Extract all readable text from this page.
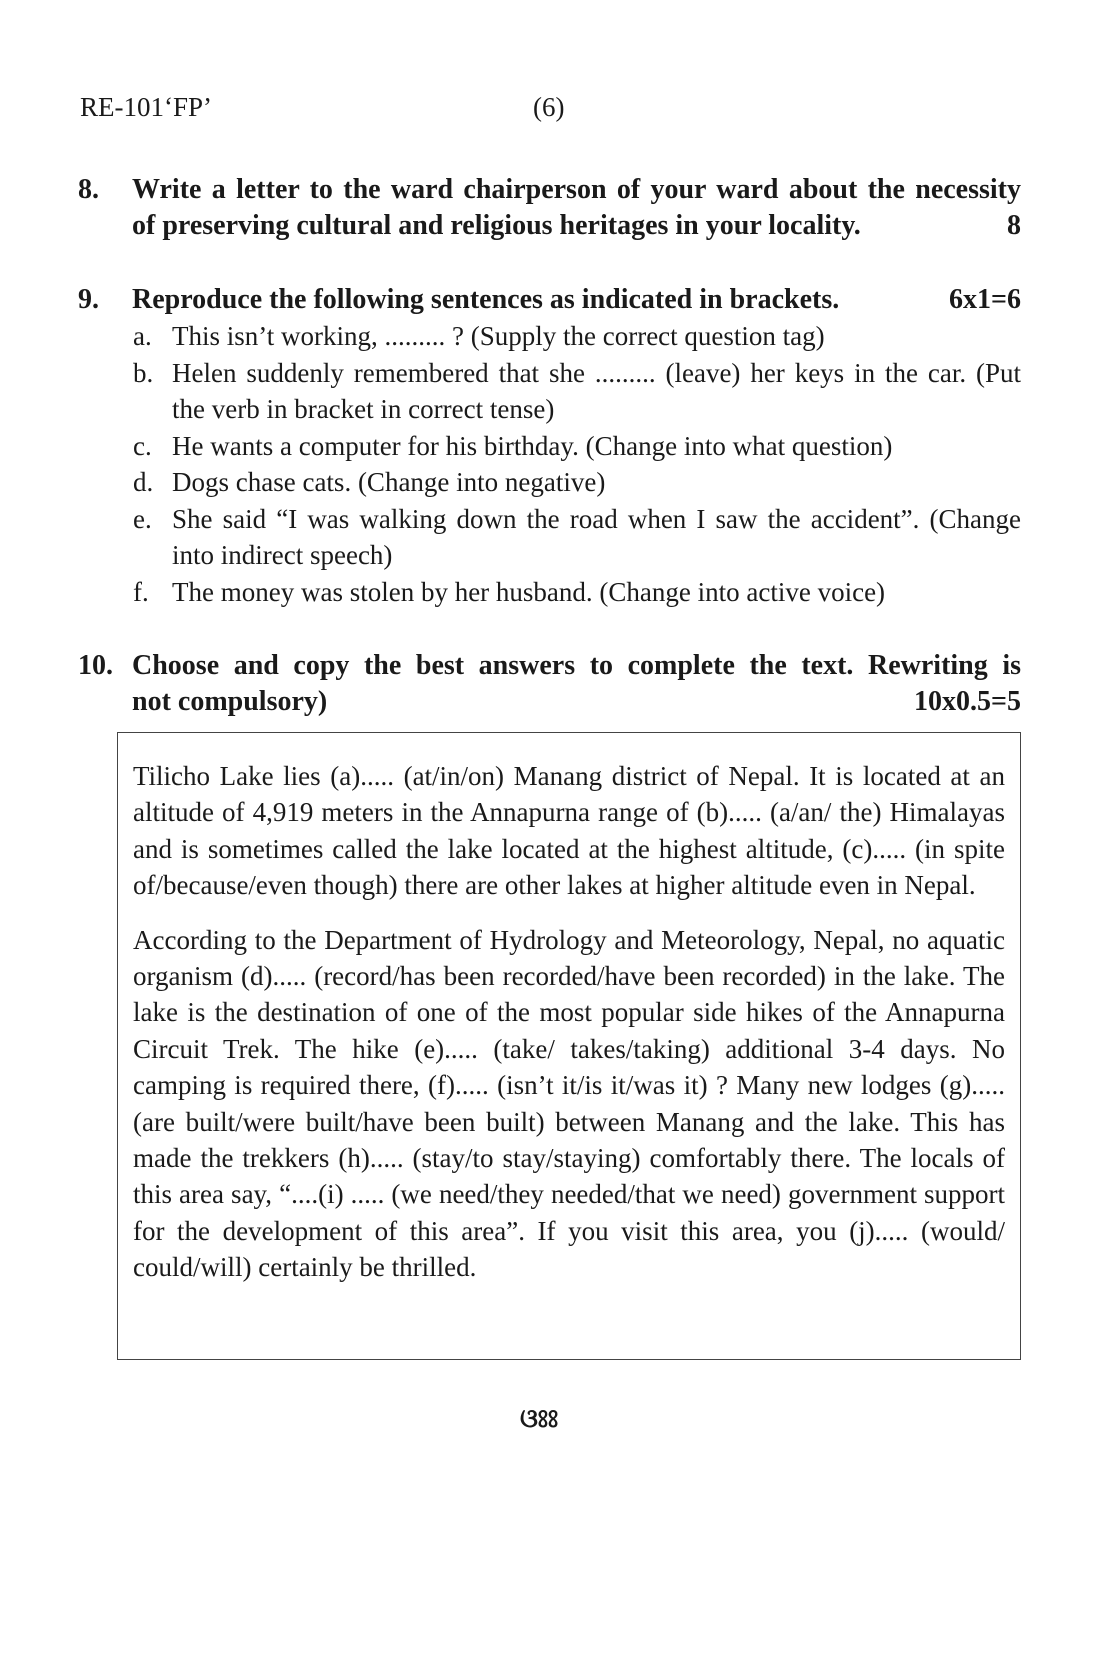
RE-101‘FP’	(6)
8. Write a letter to the ward chairperson of your ward about the necessity
of preserving cultural and religious heritages in your locality.	8
9. Reproduce the following sentences as indicated in brackets.	6x1=6
a. This isn’t working, ......... ? (Supply the correct question tag)
b. Helen suddenly remembered that she ......... (leave) her keys in the car. (Put the verb in bracket in correct tense)
c. He wants a computer for his birthday. (Change into what question)
d. Dogs chase cats. (Change into negative)
e. She said “I was walking down the road when I saw the accident”. (Change into indirect speech)
f. The money was stolen by her husband. (Change into active voice)
10. Choose and copy the best answers to complete the text. Rewriting is
not compulsory)	10x0.5=5

Tilicho Lake lies (a)..... (at/in/on) Manang district of Nepal. It is located at an altitude of 4,919 meters in the Annapurna range of (b)..... (a/an/ the) Himalayas and is sometimes called the lake located at the highest altitude, (c)..... (in spite of/because/even though) there are other lakes at higher altitude even in Nepal.

According to the Department of Hydrology and Meteorology, Nepal, no aquatic organism (d)..... (record/has been recorded/have been recorded) in the lake. The lake is the destination of one of the most popular side hikes of the Annapurna Circuit Trek. The hike (e)..... (take/ takes/taking) additional 3-4 days. No camping is required there, (f)..... (isn’t it/is it/was it) ? Many new lodges (g)..... (are built/were built/have been built) between Manang and the lake. This has made the trekkers (h)..... (stay/to stay/staying) comfortably there. The locals of this area say, “....(i) ..... (we need/they needed/that we need) government support for the development of this area”. If you visit this area, you (j)..... (would/ could/will) certainly be thrilled.

ଓଃଃ
